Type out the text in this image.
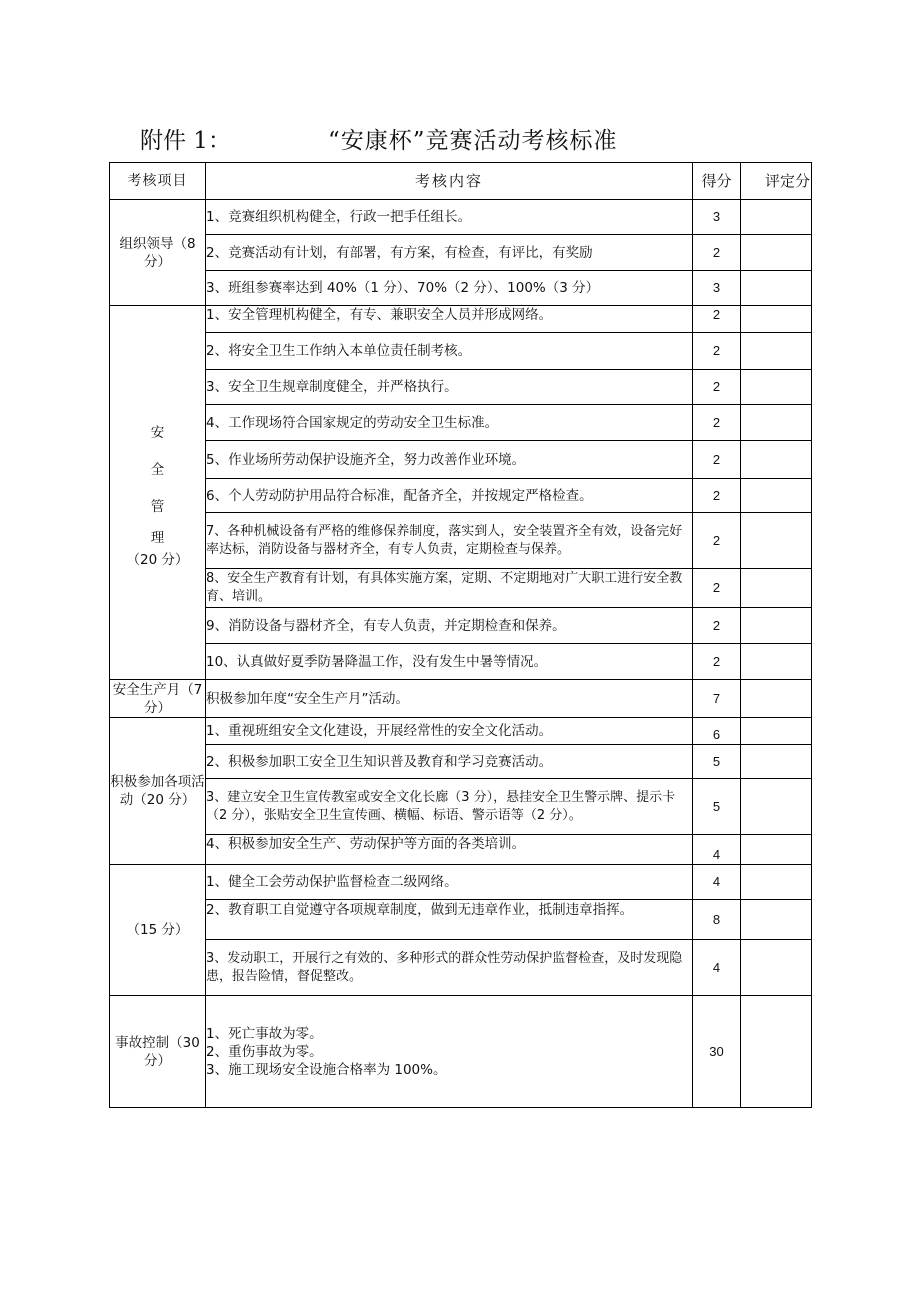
附件 1：	“安康杯”竞赛活动考核标准
考核项目	考核内容	得分	评定分
组织领导（8分）	1、竞赛组织机构健全，行政一把手任组长。	3	

	2、竞赛活动有计划，有部署，有方案，有检查，有评比，有奖励	2	

	3、班组参赛率达到 40%（1 分）、70%（2 分）、100%（3 分）	3	

安
全
管
理
（20 分）	1、安全管理机构健全，有专、兼职安全人员并形成网络。	2	

	2、将安全卫生工作纳入本单位责任制考核。	2	

	3、安全卫生规章制度健全，并严格执行。	2	

	4、工作现场符合国家规定的劳动安全卫生标准。	2	

	5、作业场所劳动保护设施齐全，努力改善作业环境。	2	

	6、个人劳动防护用品符合标准，配备齐全，并按规定严格检查。	2	

	7、各种机械设备有严格的维修保养制度，落实到人，安全装置齐全有效，设备完好率达标，消防设备与器材齐全，有专人负责，定期检查与保养。	2	

	8、安全生产教育有计划，有具体实施方案，定期、不定期地对广大职工进行安全教育、培训。	2	

	9、消防设备与器材齐全，有专人负责，并定期检查和保养。	2	

	10、认真做好夏季防暑降温工作，没有发生中暑等情况。	2	

安全生产月（7 分）	积极参加年度“安全生产月”活动。	7	

积极参加各项活动（20 分）	1、重视班组安全文化建设，开展经常性的安全文化活动。	6	

	2、积极参加职工安全卫生知识普及教育和学习竞赛活动。	5	

	3、建立安全卫生宣传教室或安全文化长廊（3 分），悬挂安全卫生警示牌、提示卡（2 分），张贴安全卫生宣传画、横幅、标语、警示语等（2 分）。	5	

	4、积极参加安全生产、劳动保护等方面的各类培训。	4	

（15 分）	1、健全工会劳动保护监督检查二级网络。	4	

	2、教育职工自觉遵守各项规章制度，做到无违章作业，抵制违章指挥。	8	

	3、发动职工，开展行之有效的、多种形式的群众性劳动保护监督检查，及时发现隐患，报告险情，督促整改。	4	

事故控制（30 分）	1、死亡事故为零。
2、重伤事故为零。
3、施工现场安全设施合格率为 100%。	30	
